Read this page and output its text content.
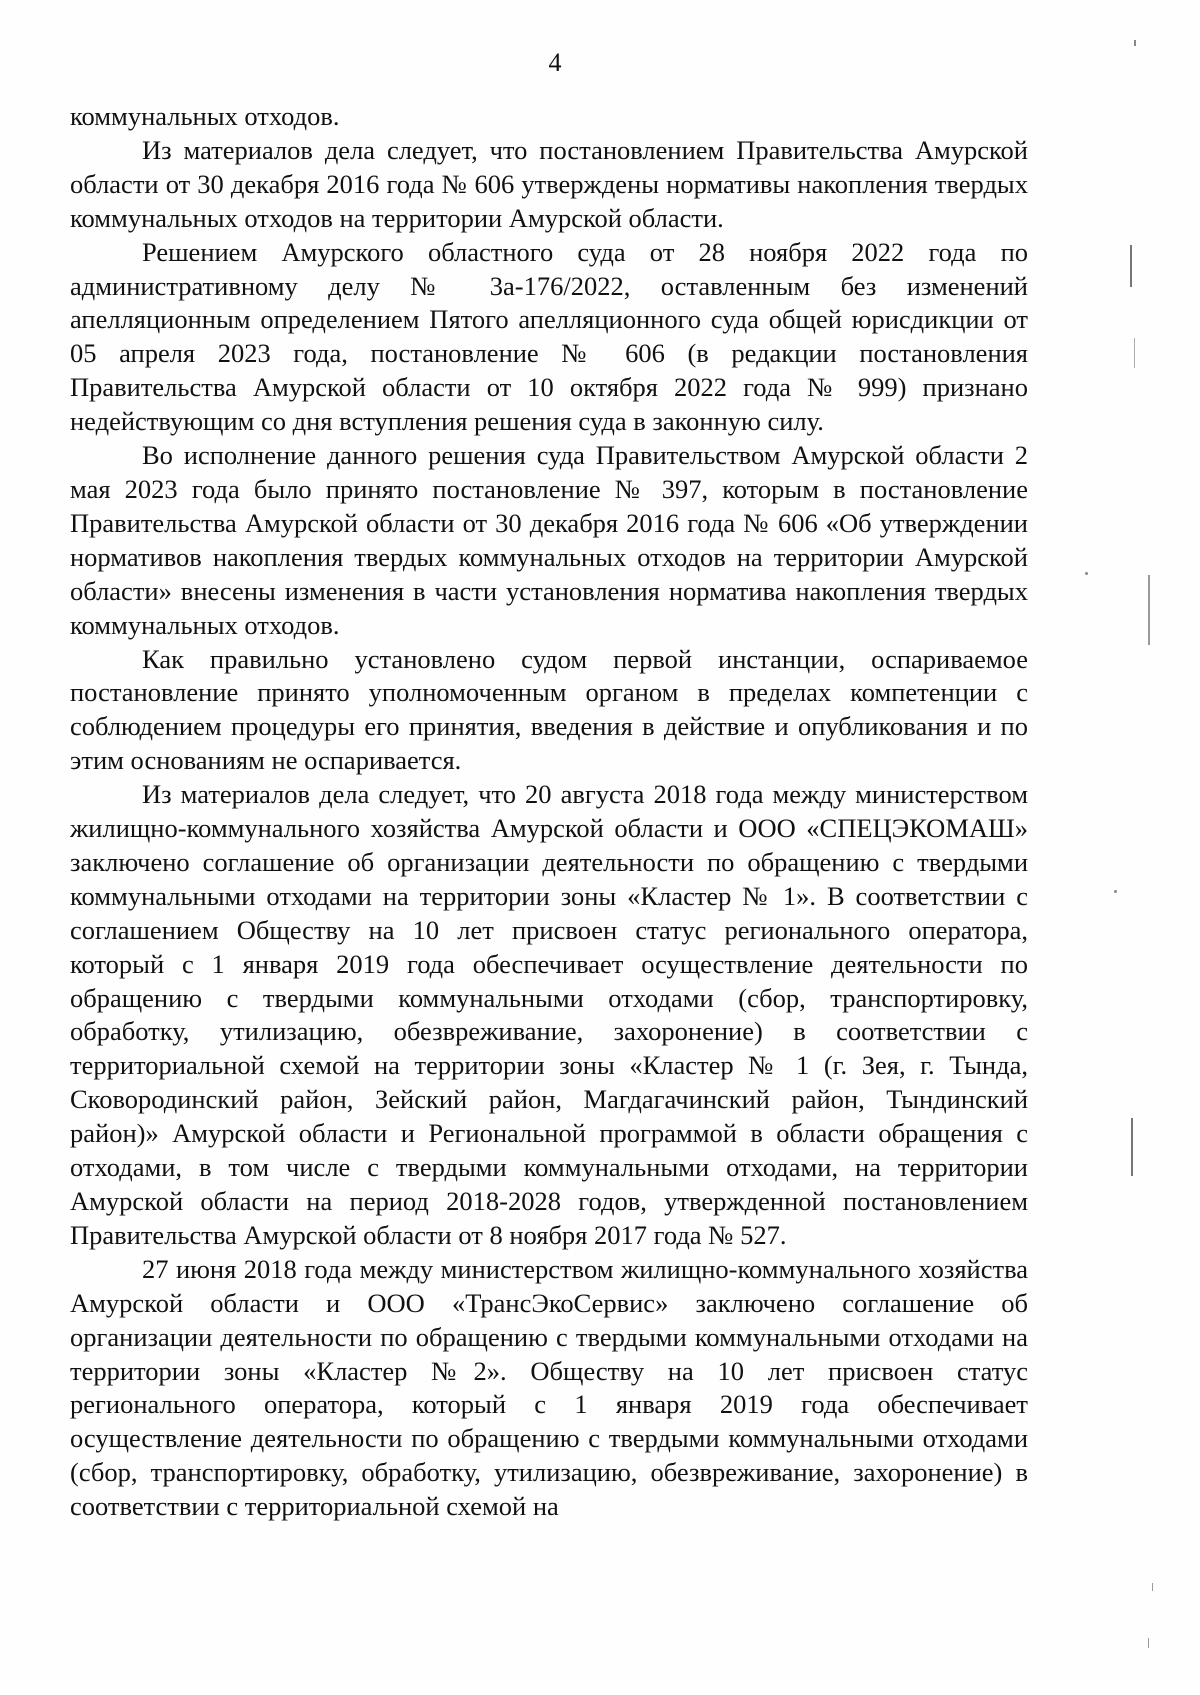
4

коммунальных отходов.

Из материалов дела следует, что постановлением Правительства Амурской области от 30 декабря 2016 года № 606 утверждены нормативы накопления твердых коммунальных отходов на территории Амурской области.

Решением Амурского областного суда от 28 ноября 2022 года по административному делу № 3а-176/2022, оставленным без изменений апелляционным определением Пятого апелляционного суда общей юрисдикции от 05 апреля 2023 года, постановление № 606 (в редакции постановления Правительства Амурской области от 10 октября 2022 года № 999) признано недействующим со дня вступления решения суда в законную силу.

Во исполнение данного решения суда Правительством Амурской области 2 мая 2023 года было принято постановление № 397, которым в постановление Правительства Амурской области от 30 декабря 2016 года № 606 «Об утверждении нормативов накопления твердых коммунальных отходов на территории Амурской области» внесены изменения в части установления норматива накопления твердых коммунальных отходов.

Как правильно установлено судом первой инстанции, оспариваемое постановление принято уполномоченным органом в пределах компетенции с соблюдением процедуры его принятия, введения в действие и опубликования и по этим основаниям не оспаривается.

Из материалов дела следует, что 20 августа 2018 года между министерством жилищно-коммунального хозяйства Амурской области и ООО «СПЕЦЭКОМАШ» заключено соглашение об организации деятельности по обращению с твердыми коммунальными отходами на территории зоны «Кластер № 1». В соответствии с соглашением Обществу на 10 лет присвоен статус регионального оператора, который с 1 января 2019 года обеспечивает осуществление деятельности по обращению с твердыми коммунальными отходами (сбор, транспортировку, обработку, утилизацию, обезвреживание, захоронение) в соответствии с территориальной схемой на территории зоны «Кластер № 1 (г. Зея, г. Тында, Сковородинский район, Зейский район, Магдагачинский район, Тындинский район)» Амурской области и Региональной программой в области обращения с отходами, в том числе с твердыми коммунальными отходами, на территории Амурской области на период 2018-2028 годов, утвержденной постановлением Правительства Амурской области от 8 ноября 2017 года № 527.

27 июня 2018 года между министерством жилищно-коммунального хозяйства Амурской области и ООО «ТрансЭкоСервис» заключено соглашение об организации деятельности по обращению с твердыми коммунальными отходами на территории зоны «Кластер №2». Обществу на 10 лет присвоен статус регионального оператора, который с 1 января 2019 года обеспечивает осуществление деятельности по обращению с твердыми коммунальными отходами (сбор, транспортировку, обработку, утилизацию, обезвреживание, захоронение) в соответствии с территориальной схемой на
